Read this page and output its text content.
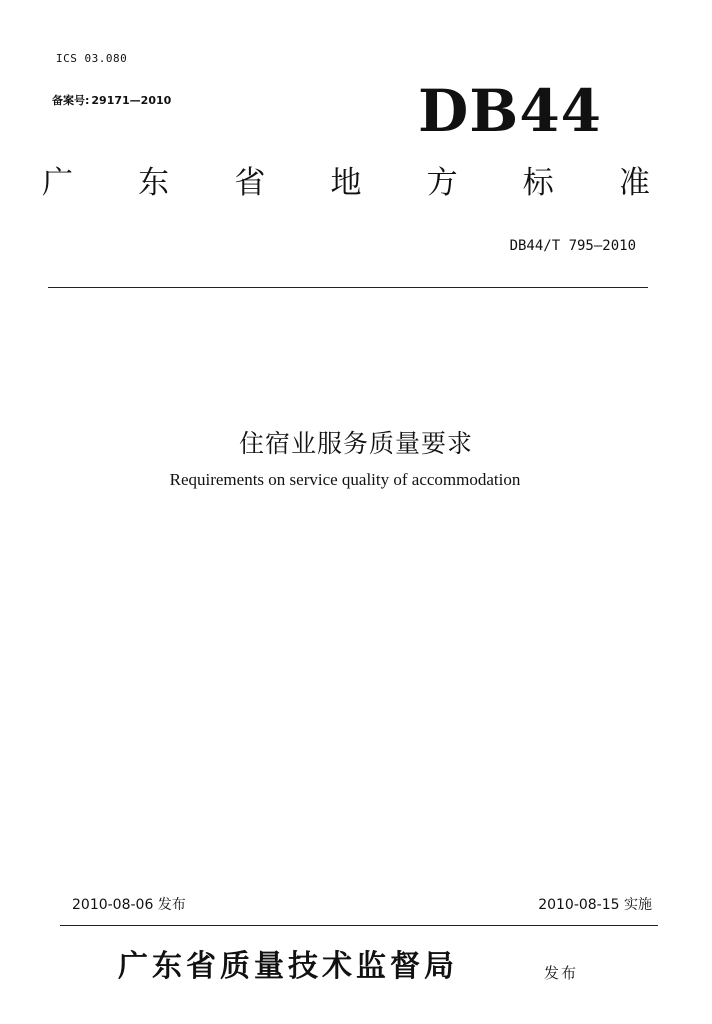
ICS 03.080
备案号: 29171—2010	DB44
广 东 省 地 方 标 准
DB44/T 795—2010
住宿业服务质量要求
Requirements on service quality of accommodation
2010-08-06 发布	2010-08-15 实施
广东省质量技术监督局	发布
